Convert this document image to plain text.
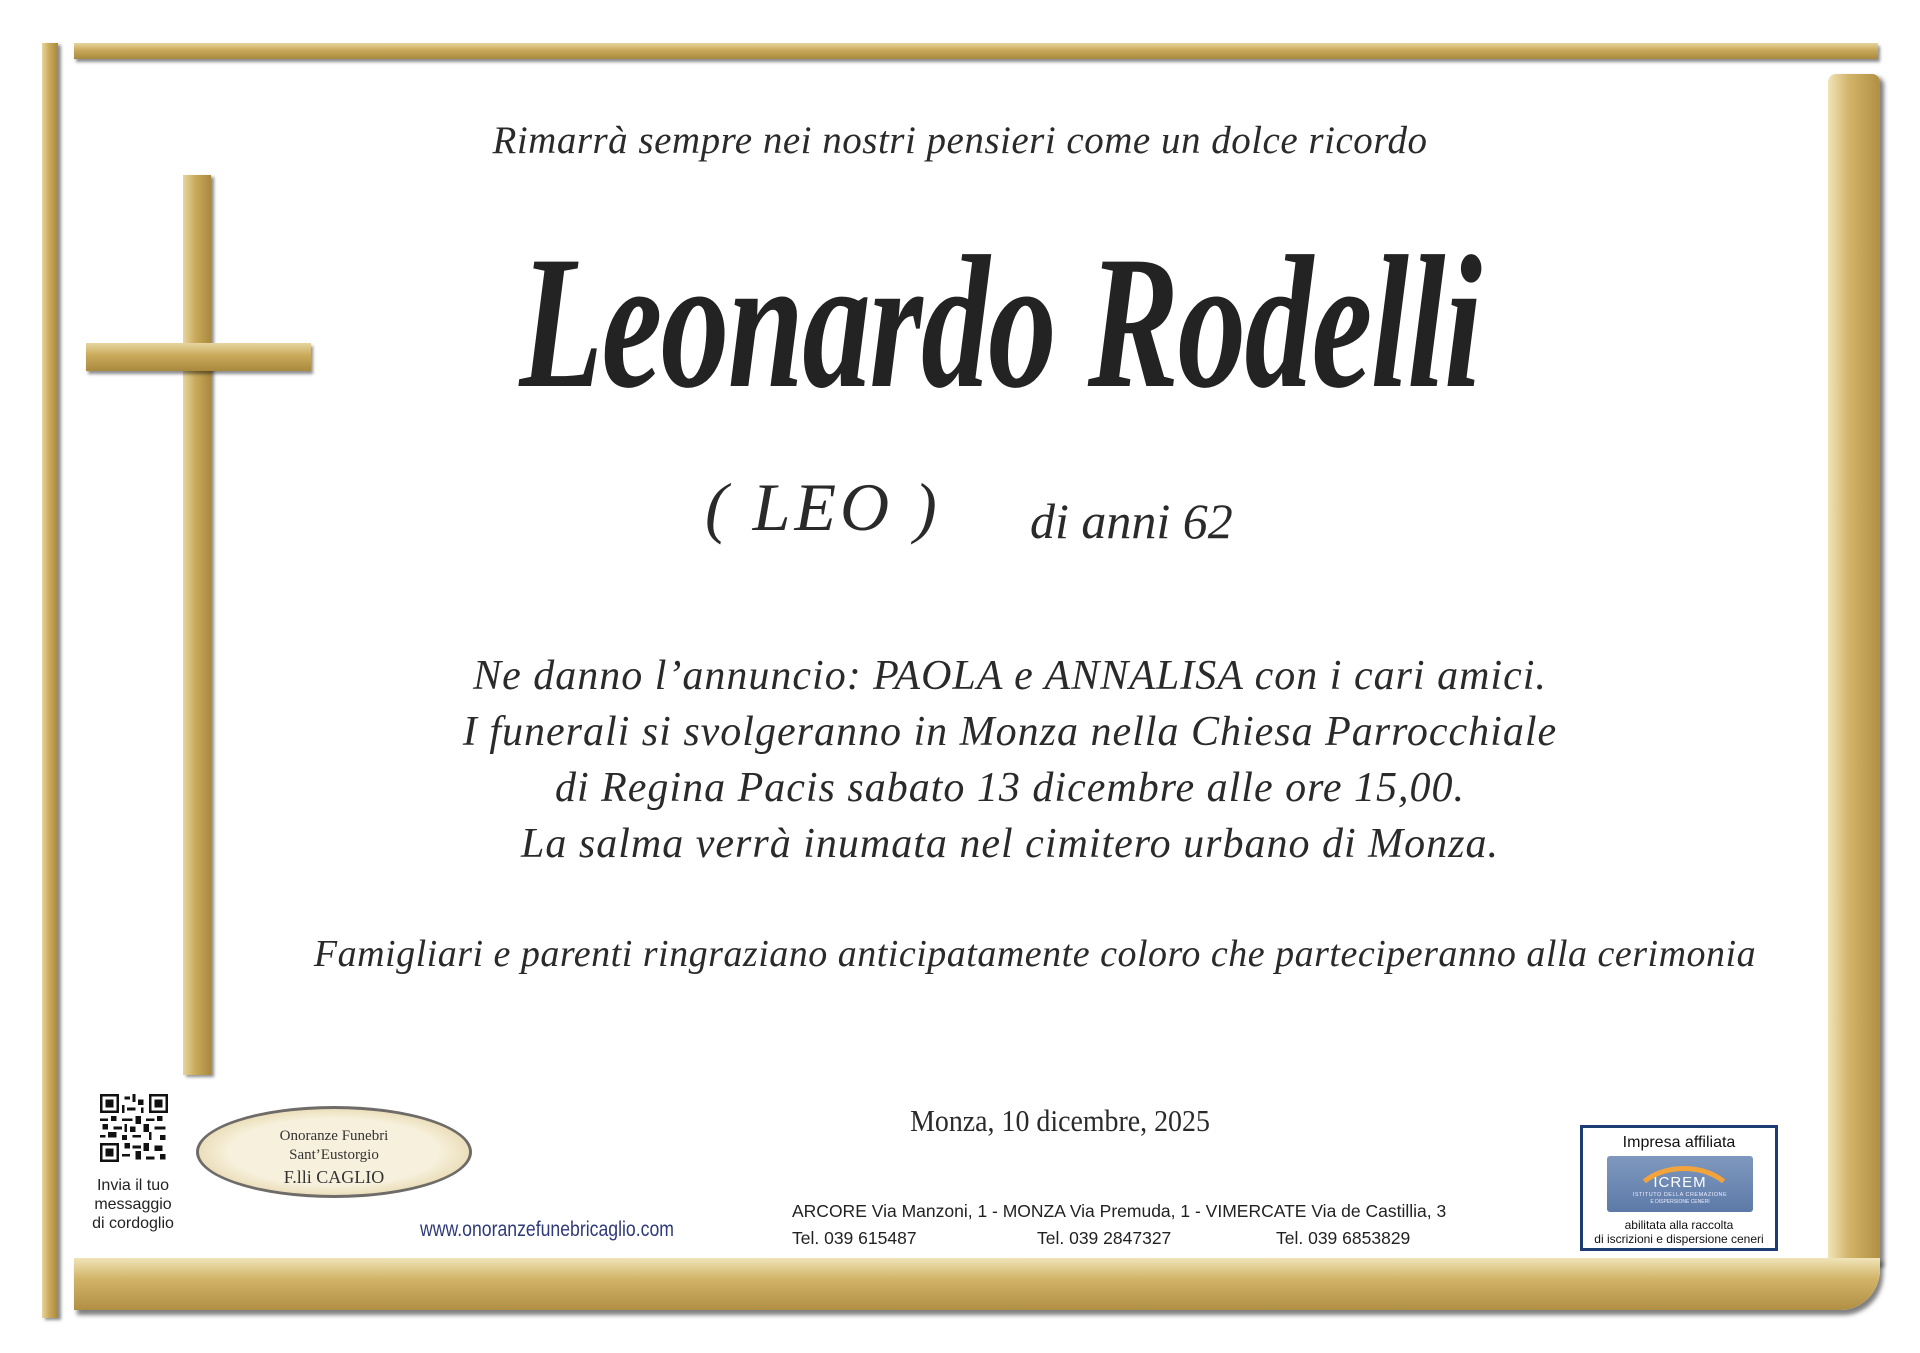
Rimarrà sempre nei nostri pensieri come un dolce ricordo
Leonardo Rodelli
( LEO )	di anni 62
Ne danno l’annuncio: PAOLA e ANNALISA con i cari amici.
I funerali si svolgeranno in Monza nella Chiesa Parrocchiale
di Regina Pacis sabato 13 dicembre alle ore 15,00.
La salma verrà inumata nel cimitero urbano di Monza.
Famigliari e parenti ringraziano anticipatamente coloro che parteciperanno alla cerimonia
Monza, 10 dicembre, 2025
Invia il tuo
messaggio
di cordoglio
Onoranze Funebri
Sant’Eustorgio
F.lli CAGLIO
www.onoranzefunebricaglio.com
ARCORE Via Manzoni, 1 - MONZA Via Premuda, 1 - VIMERCATE Via de Castillia, 3
Tel. 039 615487	Tel. 039 2847327	Tel. 039 6853829
Impresa affiliata
ICREM
ISTITUTO DELLA CREMAZIONE
E DISPERSIONE CENERI
abilitata alla raccolta
di iscrizioni e dispersione ceneri
